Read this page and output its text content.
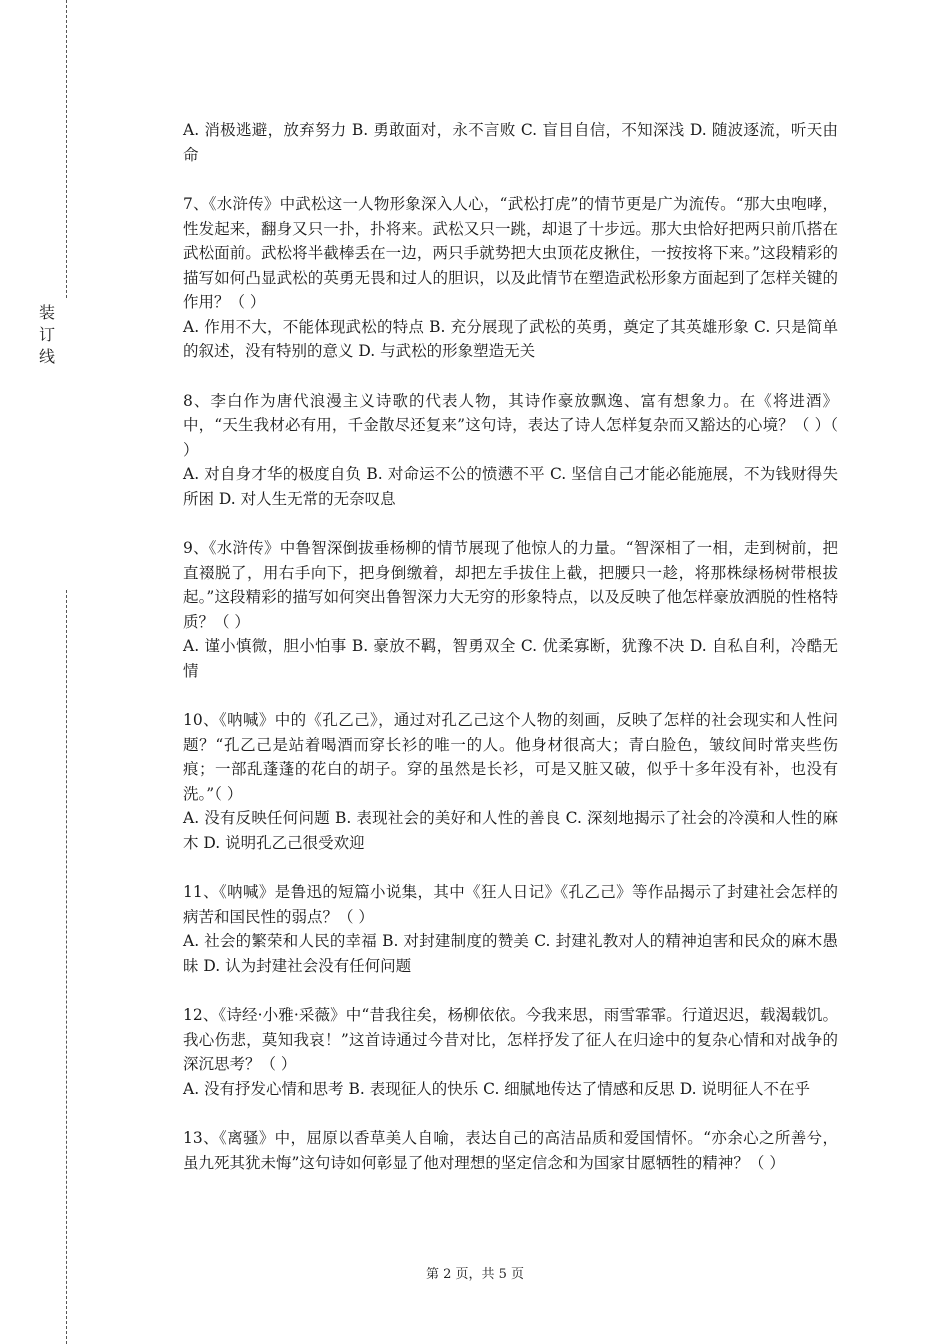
装
订
线

A. 消极逃避，放弃努力 B. 勇敢面对，永不言败 C. 盲目自信，不知深浅 D. 随波逐流，听天由命

7、《水浒传》中武松这一人物形象深入人心，“武松打虎”的情节更是广为流传。“那大虫咆哮，性发起来，翻身又只一扑，扑将来。武松又只一跳，却退了十步远。那大虫恰好把两只前爪搭在武松面前。武松将半截棒丢在一边，两只手就势把大虫顶花皮揪住，一按按将下来。”这段精彩的描写如何凸显武松的英勇无畏和过人的胆识，以及此情节在塑造武松形象方面起到了怎样关键的作用？（ ）

A. 作用不大，不能体现武松的特点 B. 充分展现了武松的英勇，奠定了其英雄形象 C. 只是简单的叙述，没有特别的意义 D. 与武松的形象塑造无关

8、李白作为唐代浪漫主义诗歌的代表人物，其诗作豪放飘逸、富有想象力。在《将进酒》中，“天生我材必有用，千金散尽还复来”这句诗，表达了诗人怎样复杂而又豁达的心境？（ ）（ ）

A. 对自身才华的极度自负 B. 对命运不公的愤懑不平 C. 坚信自己才能必能施展，不为钱财得失所困 D. 对人生无常的无奈叹息

9、《水浒传》中鲁智深倒拔垂杨柳的情节展现了他惊人的力量。“智深相了一相，走到树前，把直裰脱了，用右手向下，把身倒缴着，却把左手拔住上截，把腰只一趁，将那株绿杨树带根拔起。”这段精彩的描写如何突出鲁智深力大无穷的形象特点，以及反映了他怎样豪放洒脱的性格特质？（ ）

A. 谨小慎微，胆小怕事 B. 豪放不羁，智勇双全 C. 优柔寡断，犹豫不决 D. 自私自利，冷酷无情

10、《呐喊》中的《孔乙己》，通过对孔乙己这个人物的刻画，反映了怎样的社会现实和人性问题？“孔乙己是站着喝酒而穿长衫的唯一的人。他身材很高大；青白脸色，皱纹间时常夹些伤痕；一部乱蓬蓬的花白的胡子。穿的虽然是长衫，可是又脏又破，似乎十多年没有补，也没有洗。”（ ）

A. 没有反映任何问题 B. 表现社会的美好和人性的善良 C. 深刻地揭示了社会的冷漠和人性的麻木 D. 说明孔乙己很受欢迎

11、《呐喊》是鲁迅的短篇小说集，其中《狂人日记》《孔乙己》等作品揭示了封建社会怎样的病苦和国民性的弱点？（ ）

A. 社会的繁荣和人民的幸福 B. 对封建制度的赞美 C. 封建礼教对人的精神迫害和民众的麻木愚昧 D. 认为封建社会没有任何问题

12、《诗经·小雅·采薇》中“昔我往矣，杨柳依依。今我来思，雨雪霏霏。行道迟迟，载渴载饥。我心伤悲，莫知我哀！”这首诗通过今昔对比，怎样抒发了征人在归途中的复杂心情和对战争的深沉思考？（ ）

A. 没有抒发心情和思考 B. 表现征人的快乐 C. 细腻地传达了情感和反思 D. 说明征人不在乎

13、《离骚》中，屈原以香草美人自喻，表达自己的高洁品质和爱国情怀。“亦余心之所善兮，虽九死其犹未悔”这句诗如何彰显了他对理想的坚定信念和为国家甘愿牺牲的精神？（ ）

第 2 页，共 5 页
